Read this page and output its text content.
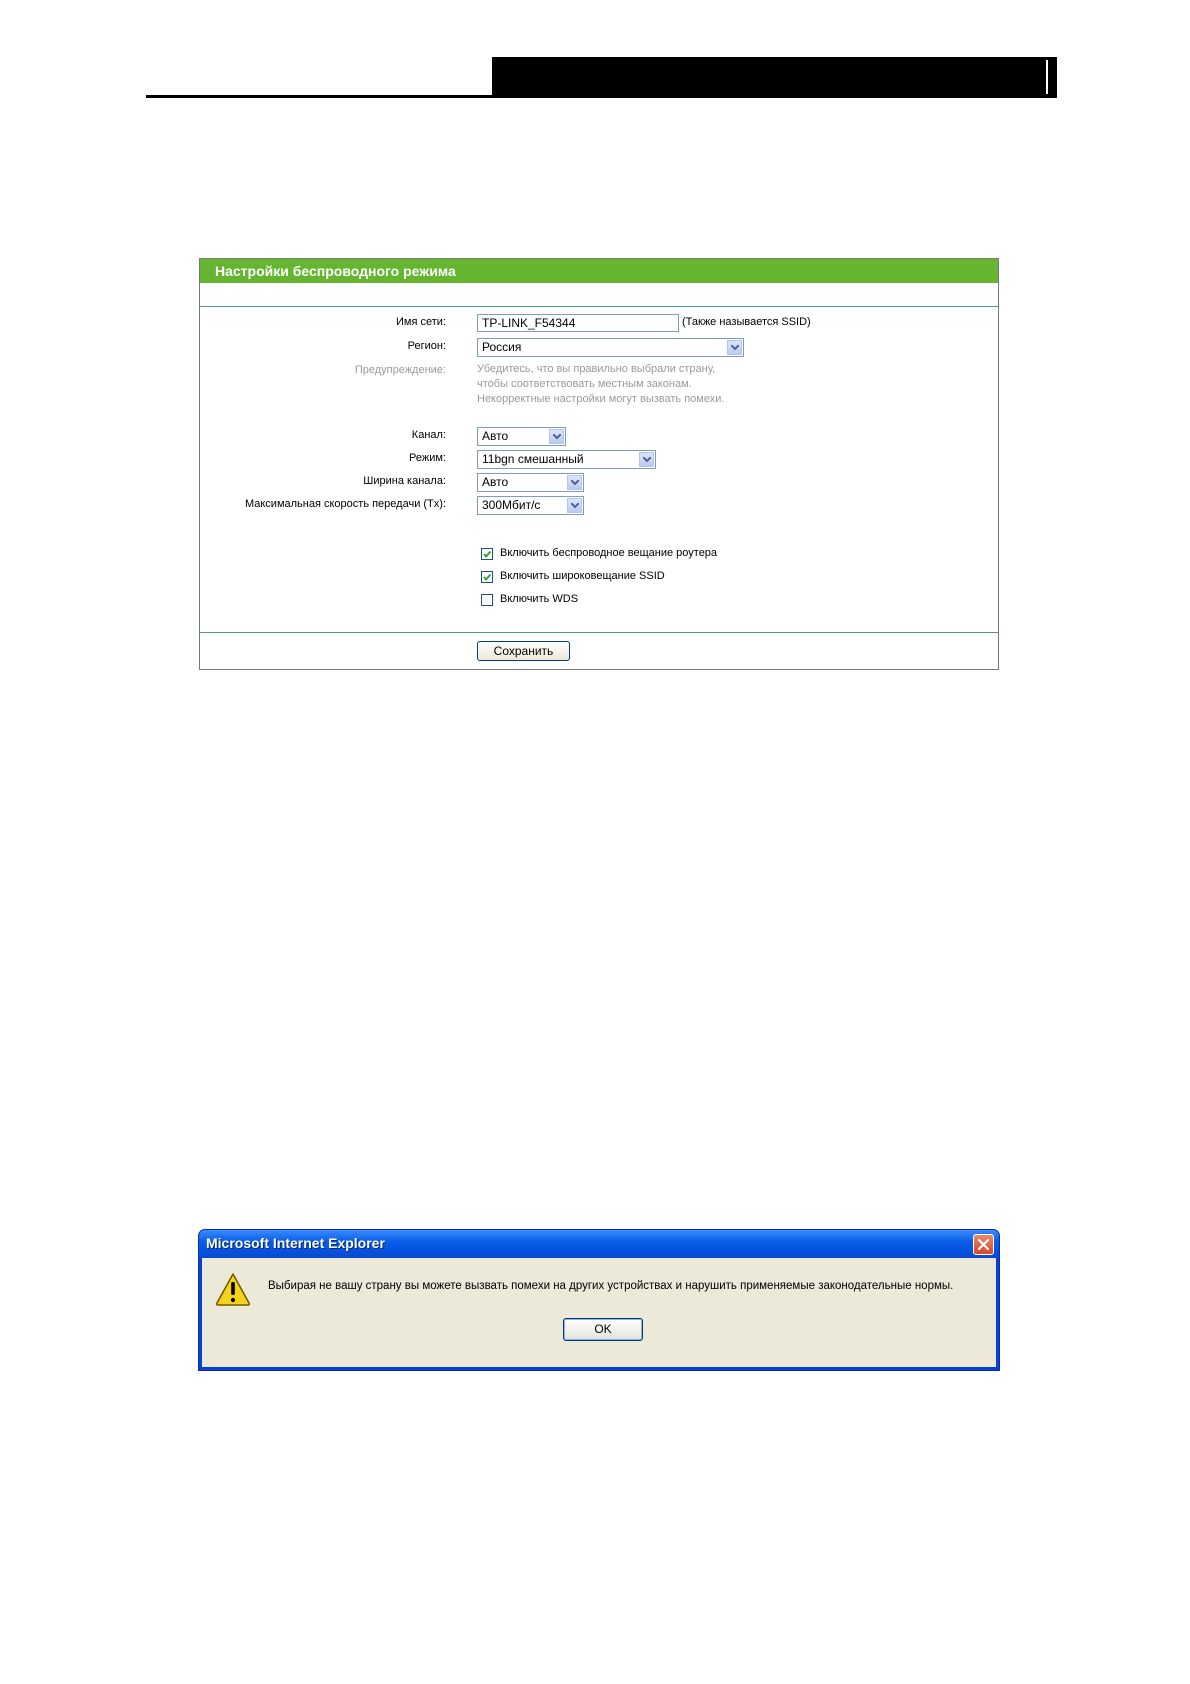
Настройки беспроводного режима
Имя сети:	TP-LINK_F54344	(Также называется SSID)
Регион:	Россия
Предупреждение:	Убедитесь, что вы правильно выбрали страну,
чтобы соответствовать местным законам.
Некорректные настройки могут вызвать помехи.
Канал:	Авто
Режим:	11bgn смешанный
Ширина канала:	Авто
Максимальная скорость передачи (Tx):	300Мбит/с
Включить беспроводное вещание роутера
Включить широковещание SSID
Включить WDS
Сохранить
Microsoft Internet Explorer
Выбирая не вашу страну вы можете вызвать помехи на других устройствах и нарушить применяемые законодательные нормы.
OK
